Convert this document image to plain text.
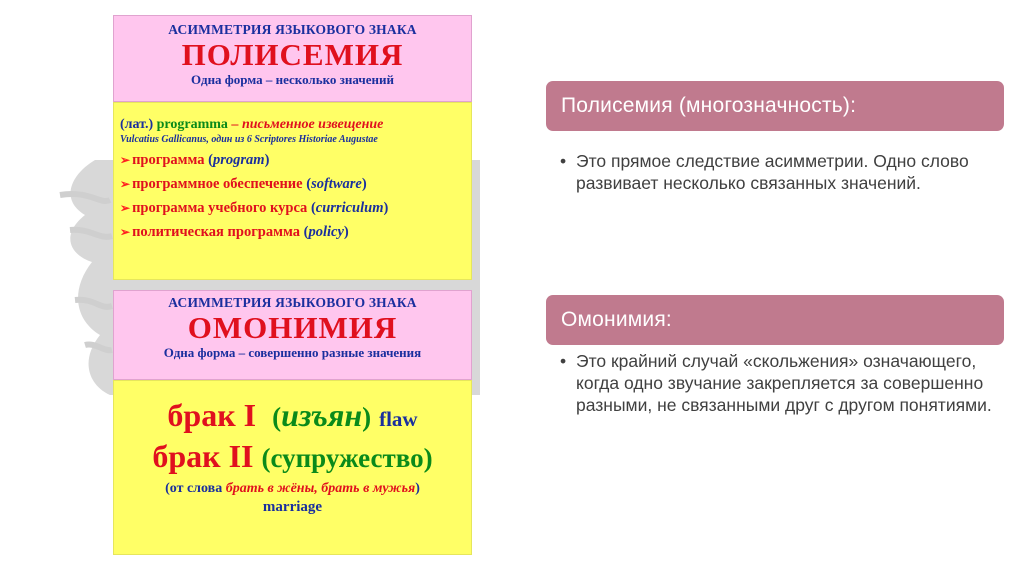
АСИММЕТРИЯ ЯЗЫКОВОГО ЗНАКА
ПОЛИСЕМИЯ
Одна форма – несколько значений
(лат.) programma – письменное извещение
Vulcatius Gallicanus, один из 6 Scriptores Historiae Augustae
➢ программа (program)
➢ программное обеспечение (software)
➢ программа учебного курса (curriculum)
➢ политическая программа (policy)
АСИММЕТРИЯ ЯЗЫКОВОГО ЗНАКА
ОМОНИМИЯ
Одна форма – совершенно разные значения
брак I (изъян) flaw
брак II (супружество)
(от слова брать в жёны, брать в мужья)
marriage
Полисемия (многозначность):
• Это прямое следствие асимметрии. Одно слово развивает несколько связанных значений.
Омонимия:
• Это крайний случай «скольжения» означающего, когда одно звучание закрепляется за совершенно разными, не связанными друг с другом понятиями.
